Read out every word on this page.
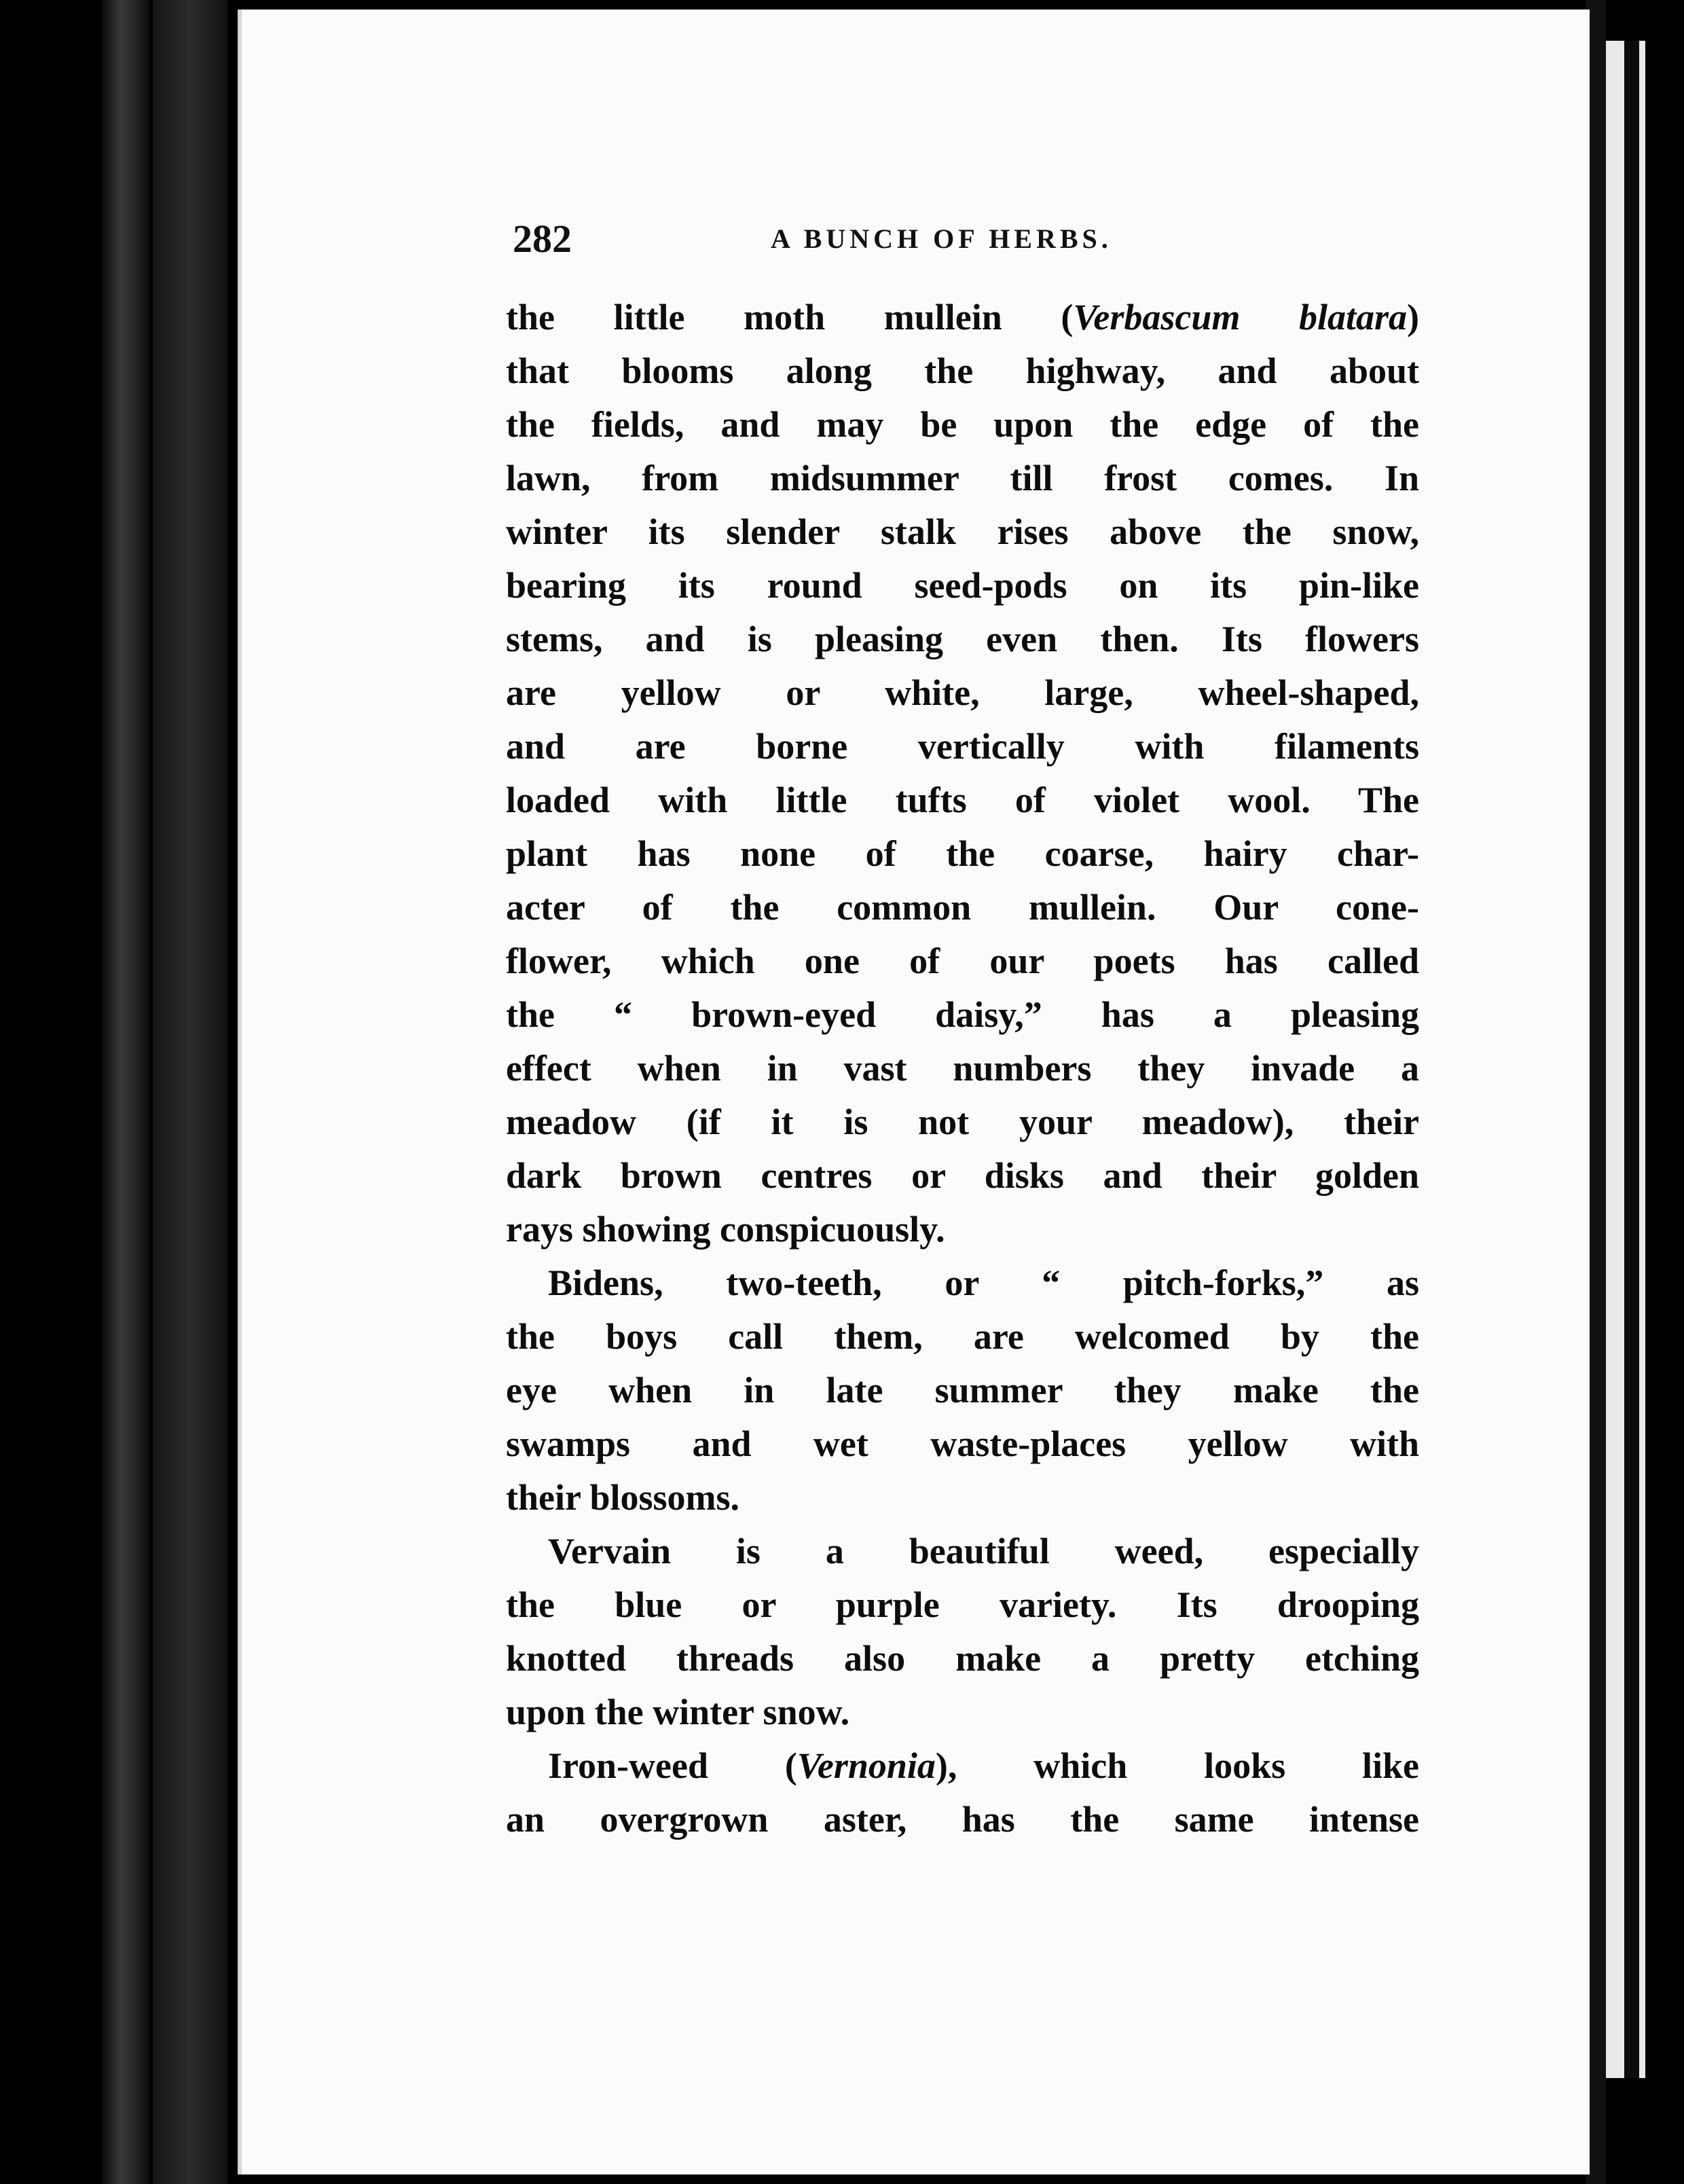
282	A BUNCH OF HERBS.
the little moth mullein (Verbascum blatara)
that blooms along the highway, and about
the fields, and may be upon the edge of the
lawn, from midsummer till frost comes. In
winter its slender stalk rises above the snow,
bearing its round seed-pods on its pin-like
stems, and is pleasing even then. Its flowers
are yellow or white, large, wheel-shaped,
and are borne vertically with filaments
loaded with little tufts of violet wool. The
plant has none of the coarse, hairy char-
acter of the common mullein. Our cone-
flower, which one of our poets has called
the “ brown-eyed daisy,” has a pleasing
effect when in vast numbers they invade a
meadow (if it is not your meadow), their
dark brown centres or disks and their golden
rays showing conspicuously.
Bidens, two-teeth, or “ pitch-forks,” as
the boys call them, are welcomed by the
eye when in late summer they make the
swamps and wet waste-places yellow with
their blossoms.
Vervain is a beautiful weed, especially
the blue or purple variety. Its drooping
knotted threads also make a pretty etching
upon the winter snow.
Iron-weed (Vernonia), which looks like
an overgrown aster, has the same intense
